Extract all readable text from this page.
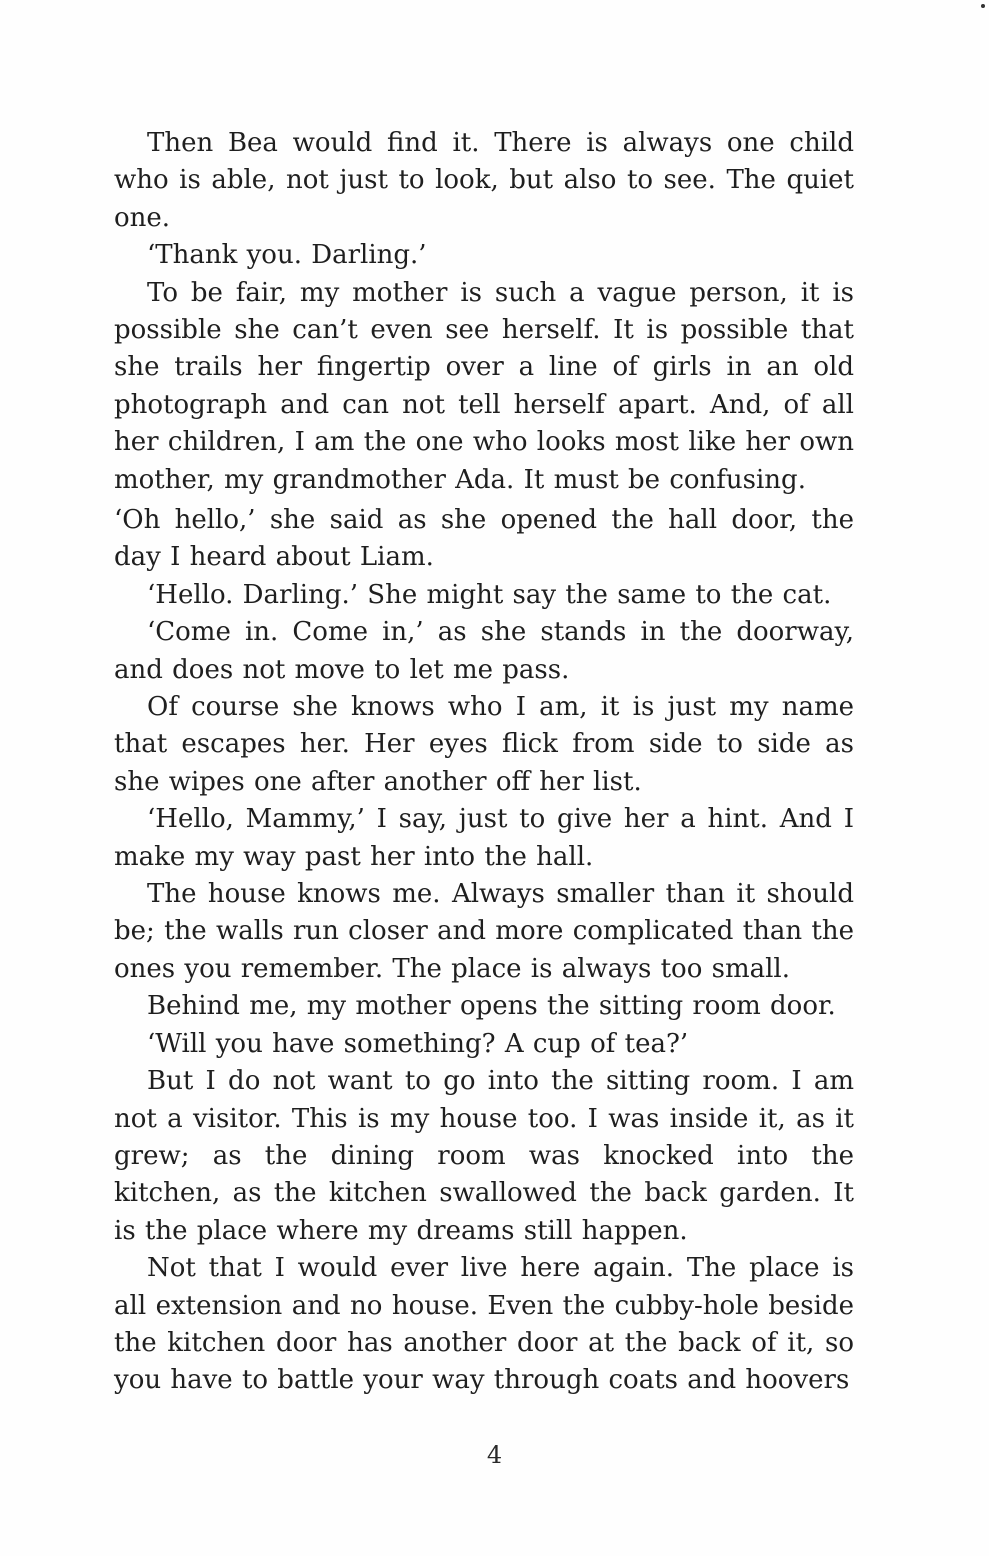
Then Bea would find it. There is always one child who is able, not just to look, but also to see. The quiet one.

‘Thank you. Darling.’

To be fair, my mother is such a vague person, it is possible she can’t even see herself. It is possible that she trails her fingertip over a line of girls in an old photograph and can not tell herself apart. And, of all her children, I am the one who looks most like her own mother, my grandmother Ada. It must be confusing.

‘Oh hello,’ she said as she opened the hall door, the day I heard about Liam.

‘Hello. Darling.’ She might say the same to the cat.

‘Come in. Come in,’ as she stands in the doorway, and does not move to let me pass.

Of course she knows who I am, it is just my name that escapes her. Her eyes flick from side to side as she wipes one after another off her list.

‘Hello, Mammy,’ I say, just to give her a hint. And I make my way past her into the hall.

The house knows me. Always smaller than it should be; the walls run closer and more complicated than the ones you remember. The place is always too small.

Behind me, my mother opens the sitting room door.

‘Will you have something? A cup of tea?’

But I do not want to go into the sitting room. I am not a visitor. This is my house too. I was inside it, as it grew; as the dining room was knocked into the kitchen, as the kitchen swallowed the back garden. It is the place where my dreams still happen.

Not that I would ever live here again. The place is all extension and no house. Even the cubby-hole beside the kitchen door has another door at the back of it, so you have to battle your way through coats and hoovers

4
